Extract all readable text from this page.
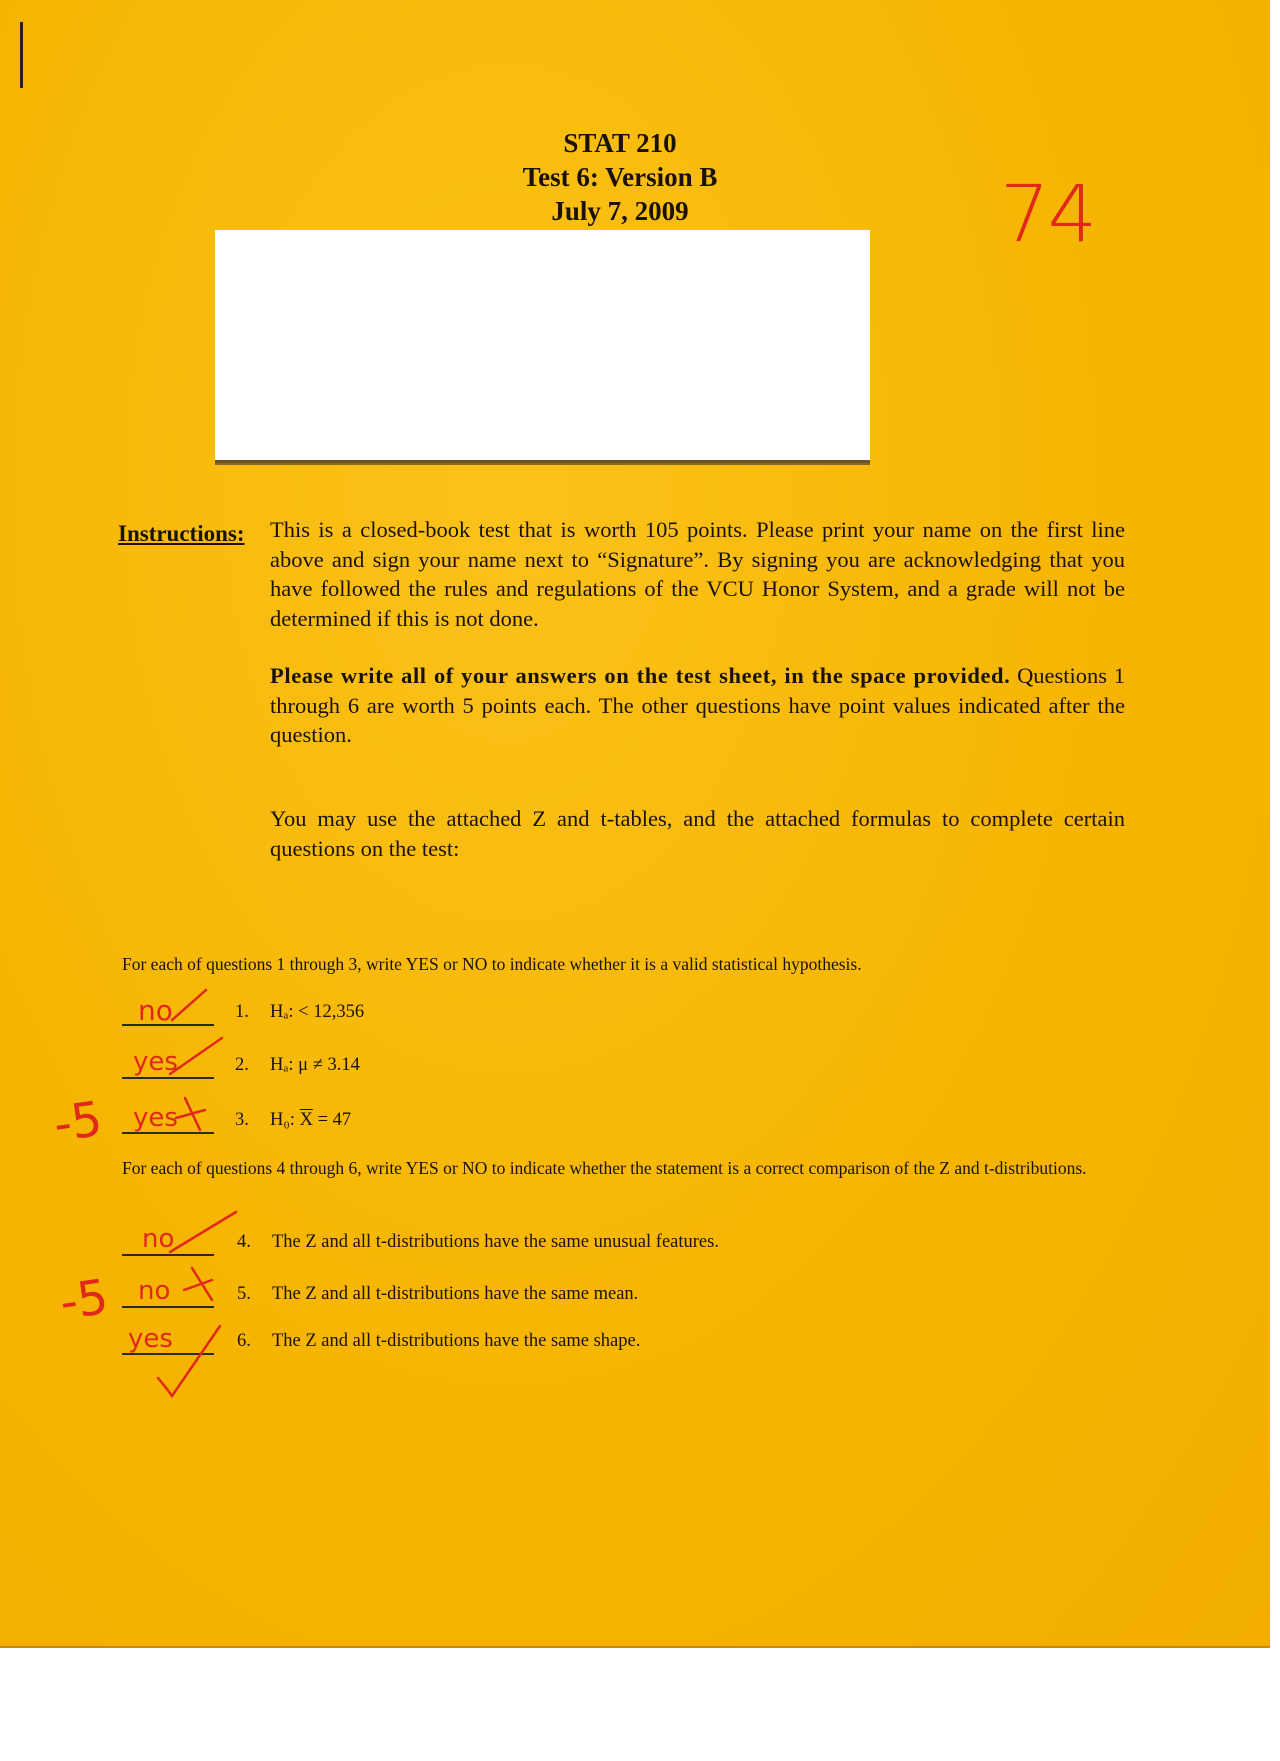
STAT 210
Test 6: Version B
July 7, 2009	74
Instructions: This is a closed-book test that is worth 105 points. Please print your name on the first line above and sign your name next to “Signature”. By signing you are acknowledging that you have followed the rules and regulations of the VCU Honor System, and a grade will not be determined if this is not done.
Please write all of your answers on the test sheet, in the space provided. Questions 1 through 6 are worth 5 points each. The other questions have point values indicated after the question.
You may use the attached Z and t-tables, and the attached formulas to complete certain questions on the test:
For each of questions 1 through 3, write YES or NO to indicate whether it is a valid statistical hypothesis.
1. Hₐ: < 12,356
2. Hₐ: μ ≠ 3.14
3. H₀: $\overline{X} = 47$
no
yes
yes
-5
For each of questions 4 through 6, write YES or NO to indicate whether the statement is a correct comparison of the Z and t-distributions.
4. The Z and all t-distributions have the same unusual features.
5. The Z and all t-distributions have the same mean.
6. The Z and all t-distributions have the same shape.
no
no
yes
-5
